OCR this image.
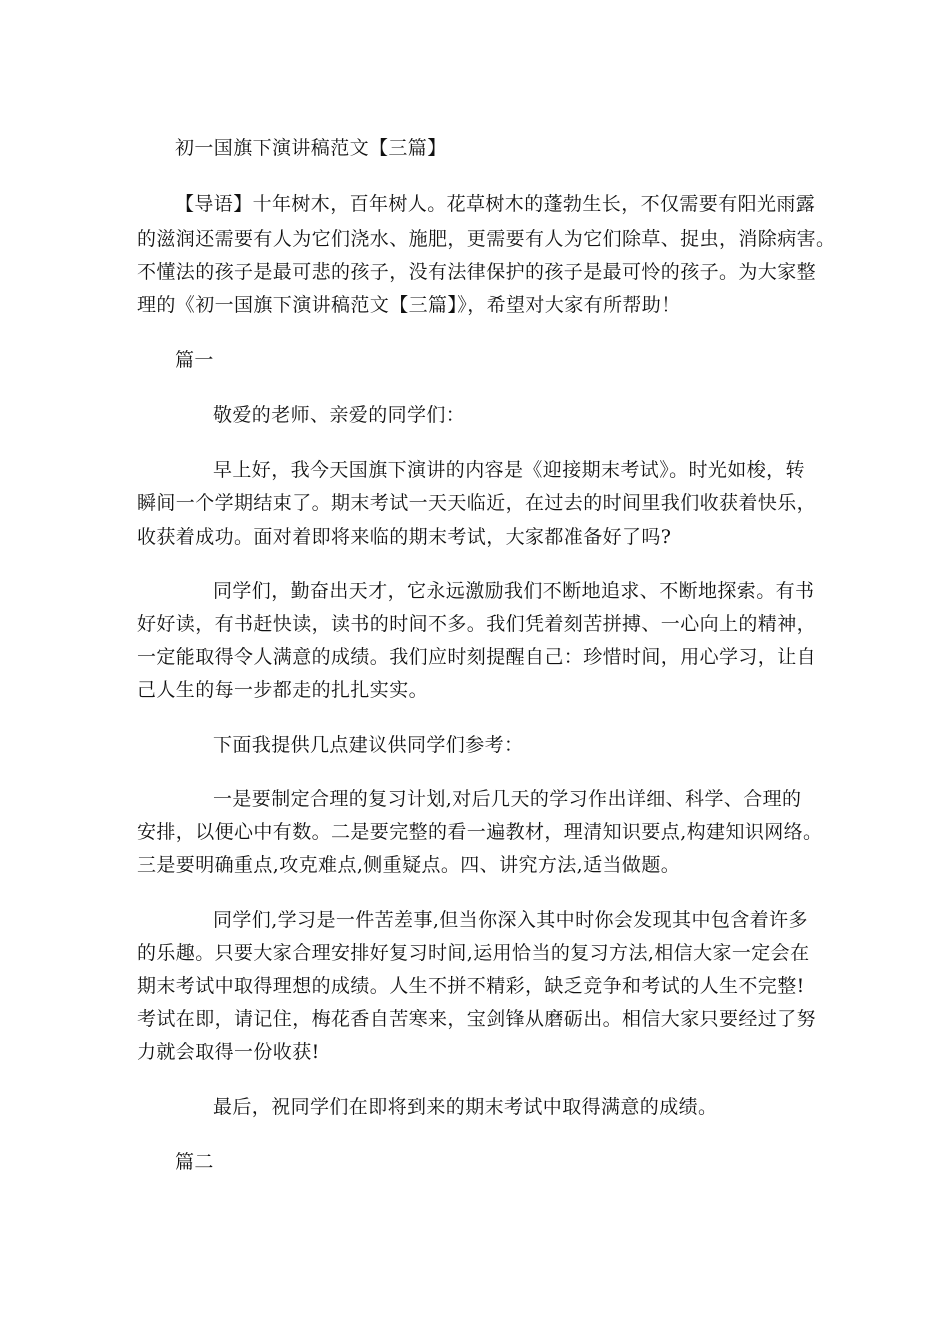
初一国旗下演讲稿范文【三篇】
【导语】十年树木，百年树人。花草树木的蓬勃生长，不仅需要有阳光雨露
的滋润还需要有人为它们浇水、施肥，更需要有人为它们除草、捉虫，消除病害。
不懂法的孩子是最可悲的孩子，没有法律保护的孩子是最可怜的孩子。为大家整
理的《初一国旗下演讲稿范文【三篇】》，希望对大家有所帮助！
篇一
敬爱的老师、亲爱的同学们：
早上好，我今天国旗下演讲的内容是《迎接期末考试》。时光如梭，转
瞬间一个学期结束了。期末考试一天天临近，在过去的时间里我们收获着快乐，
收获着成功。面对着即将来临的期末考试，大家都准备好了吗?
同学们，勤奋出天才，它永远激励我们不断地追求、不断地探索。有书
好好读，有书赶快读，读书的时间不多。我们凭着刻苦拼搏、一心向上的精神，
一定能取得令人满意的成绩。我们应时刻提醒自己：珍惜时间，用心学习，让自
己人生的每一步都走的扎扎实实。
下面我提供几点建议供同学们参考：
一是要制定合理的复习计划,对后几天的学习作出详细、科学、合理的
安排，以便心中有数。二是要完整的看一遍教材，理清知识要点,构建知识网络。
三是要明确重点,攻克难点,侧重疑点。四、讲究方法,适当做题。
同学们,学习是一件苦差事,但当你深入其中时你会发现其中包含着许多
的乐趣。只要大家合理安排好复习时间,运用恰当的复习方法,相信大家一定会在
期末考试中取得理想的成绩。人生不拼不精彩，缺乏竞争和考试的人生不完整!
考试在即，请记住，梅花香自苦寒来，宝剑锋从磨砺出。相信大家只要经过了努
力就会取得一份收获!
最后，祝同学们在即将到来的期末考试中取得满意的成绩。
篇二
